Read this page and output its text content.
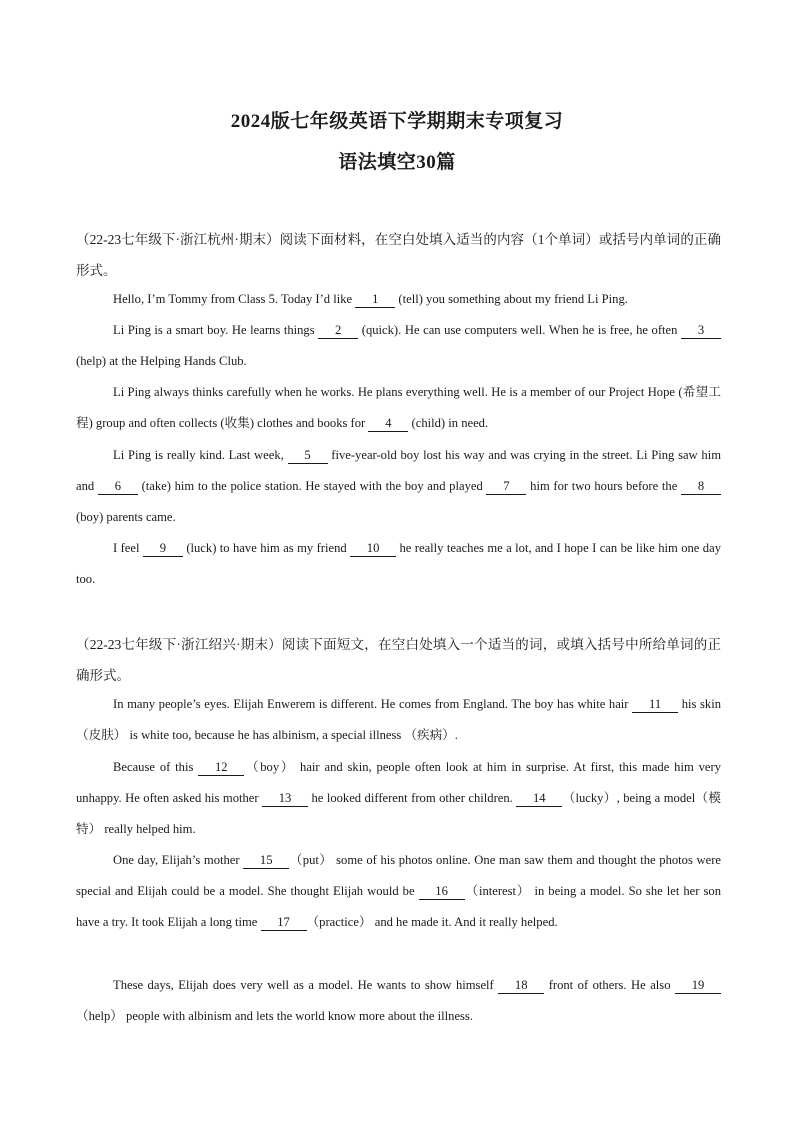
2024版七年级英语下学期期末专项复习
语法填空30篇
（22-23七年级下·浙江杭州·期末）阅读下面材料，在空白处填入适当的内容（1个单词）或括号内单词的正确形式。
Hello, I’m Tommy from Class 5. Today I’d like 1 (tell) you something about my friend Li Ping.
Li Ping is a smart boy. He learns things 2 (quick). He can use computers well. When he is free, he often 3 (help) at the Helping Hands Club.
Li Ping always thinks carefully when he works. He plans everything well. He is a member of our Project Hope (希望工程) group and often collects (收集) clothes and books for 4 (child) in need.
Li Ping is really kind. Last week, 5 five-year-old boy lost his way and was crying in the street. Li Ping saw him and 6 (take) him to the police station. He stayed with the boy and played 7 him for two hours before the 8 (boy) parents came.
I feel 9 (luck) to have him as my friend 10 he really teaches me a lot, and I hope I can be like him one day too.
（22-23七年级下·浙江绍兴·期末）阅读下面短文，在空白处填入一个适当的词，或填入括号中所给单词的正确形式。
In many people’s eyes. Elijah Enwerem is different. He comes from England. The boy has white hair 11 his skin（皮肤） is white too, because he has albinism, a special illness （疾病）.
Because of this 12 （boy） hair and skin, people often look at him in surprise. At first, this made him very unhappy. He often asked his mother 13 he looked different from other children. 14 （lucky）, being a model（模特） really helped him.
One day, Elijah’s mother 15 （put） some of his photos online. One man saw them and thought the photos were special and Elijah could be a model. She thought Elijah would be 16 （interest） in being a model. So she let her son have a try. It took Elijah a long time 17 （practice） and he made it. And it really helped.
These days, Elijah does very well as a model. He wants to show himself 18 front of others. He also 19（help） people with albinism and lets the world know more about the illness.
